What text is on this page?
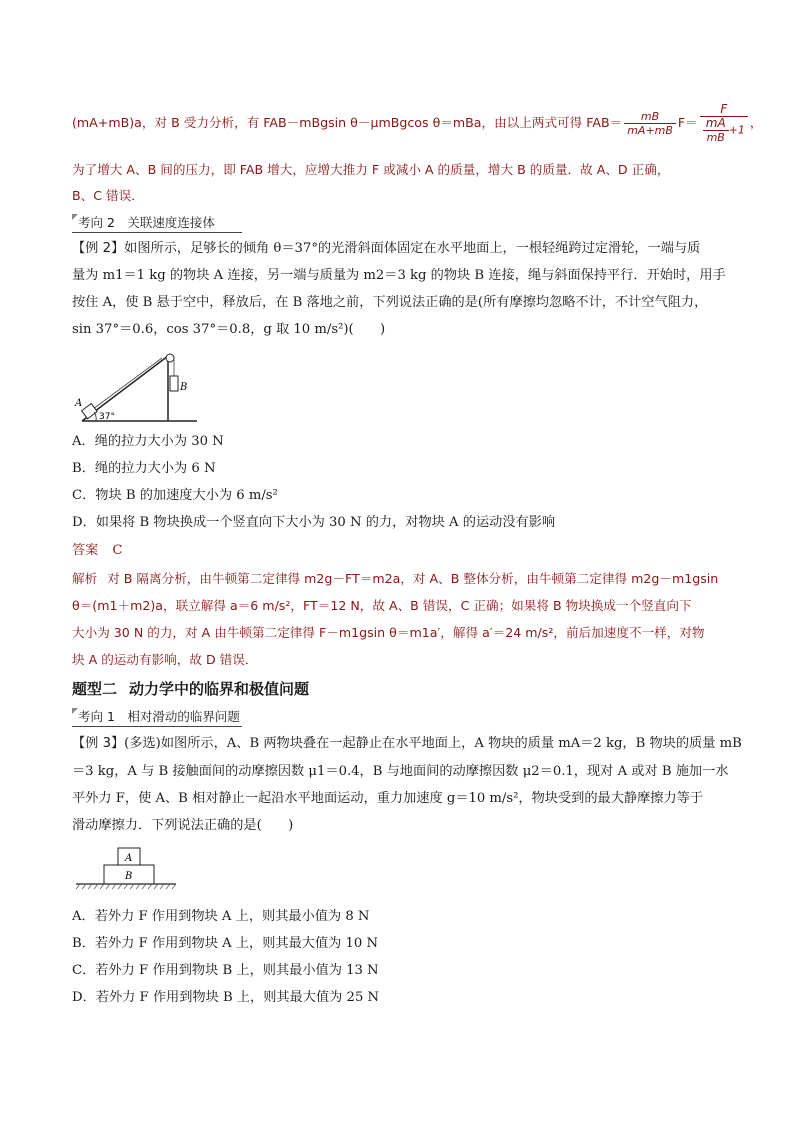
(mA+mB)a，对 B 受力分析，有 FAB－mBgsin θ－μmBgcos θ＝mBa，由以上两式可得 $FAB= \frac{mB}{mA+mB} F= \frac{F}{\frac{mA}{mB} +1}$ ，
为了增大 A、B 间的压力，即 FAB 增大，应增大推力 F 或减小 A 的质量，增大 B 的质量．故 A、D 正确，
B、C 错误．
考向 2　关联速度连接体
【例 2】如图所示，足够长的倾角 θ＝37°的光滑斜面体固定在水平地面上，一根轻绳跨过定滑轮，一端与质
量为 m1＝1 kg 的物块 A 连接，另一端与质量为 m2＝3 kg 的物块 B 连接，绳与斜面保持平行．开始时，用手
按住 A，使 B 悬于空中，释放后，在 B 落地之前，下列说法正确的是(所有摩擦均忽略不计，不计空气阻力，
sin 37°＝0.6，cos 37°＝0.8，g 取 10 m/s²)(　　)
A
B
37°
A．绳的拉力大小为 30 N
B．绳的拉力大小为 6 N
C．物块 B 的加速度大小为 6 m/s²
D．如果将 B 物块换成一个竖直向下大小为 30 N 的力，对物块 A 的运动没有影响
答案 C
解析 对 B 隔离分析，由牛顿第二定律得 m2g－FT＝m2a，对 A、B 整体分析，由牛顿第二定律得 m2g－m1gsin
θ＝(m1＋m2)a，联立解得 a＝6 m/s²，FT＝12 N，故 A、B 错误，C 正确；如果将 B 物块换成一个竖直向下
大小为 30 N 的力，对 A 由牛顿第二定律得 F－m1gsin θ＝m1a′，解得 a′＝24 m/s²，前后加速度不一样，对物
块 A 的运动有影响，故 D 错误．
题型二 动力学中的临界和极值问题
考向 1　相对滑动的临界问题
【例 3】(多选)如图所示，A、B 两物块叠在一起静止在水平地面上，A 物块的质量 mA＝2 kg，B 物块的质量 mB
＝3 kg，A 与 B 接触面间的动摩擦因数 μ1＝0.4，B 与地面间的动摩擦因数 μ2＝0.1，现对 A 或对 B 施加一水
平外力 F，使 A、B 相对静止一起沿水平地面运动，重力加速度 g＝10 m/s²，物块受到的最大静摩擦力等于
滑动摩擦力．下列说法正确的是(　　)
A
B
A．若外力 F 作用到物块 A 上，则其最小值为 8 N
B．若外力 F 作用到物块 A 上，则其最大值为 10 N
C．若外力 F 作用到物块 B 上，则其最小值为 13 N
D．若外力 F 作用到物块 B 上，则其最大值为 25 N
